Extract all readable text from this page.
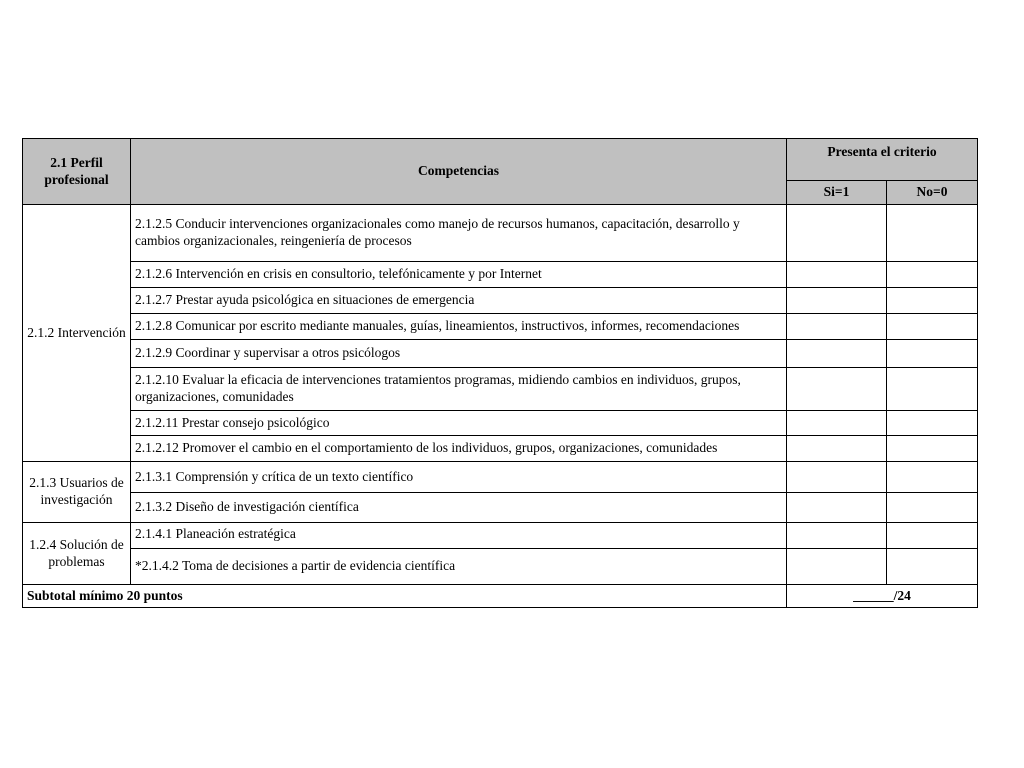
2.1 Perfil profesional	Competencias	Presenta el criterio	
		Si=1	No=0
2.1.2 Intervención	2.1.2.5 Conducir intervenciones organizacionales como manejo de recursos humanos, capacitación, desarrollo y cambios organizacionales, reingeniería de procesos		
	2.1.2.6 Intervención en crisis en consultorio, telefónicamente y por Internet		
	2.1.2.7 Prestar ayuda psicológica en situaciones de emergencia		
	2.1.2.8 Comunicar por escrito mediante manuales, guías, lineamientos, instructivos, informes, recomendaciones		
	2.1.2.9 Coordinar y supervisar a otros psicólogos		
	2.1.2.10 Evaluar la eficacia de intervenciones tratamientos programas, midiendo cambios en individuos, grupos, organizaciones, comunidades		
	2.1.2.11 Prestar consejo psicológico		
	2.1.2.12 Promover el cambio en el comportamiento de los individuos, grupos, organizaciones, comunidades		
2.1.3 Usuarios de investigación	2.1.3.1 Comprensión y crítica de un texto científico		
	2.1.3.2 Diseño de investigación científica		
1.2.4 Solución de problemas	2.1.4.1 Planeación estratégica		
	*2.1.4.2 Toma de decisiones a partir de evidencia científica		
Subtotal mínimo 20 puntos		______/24	
